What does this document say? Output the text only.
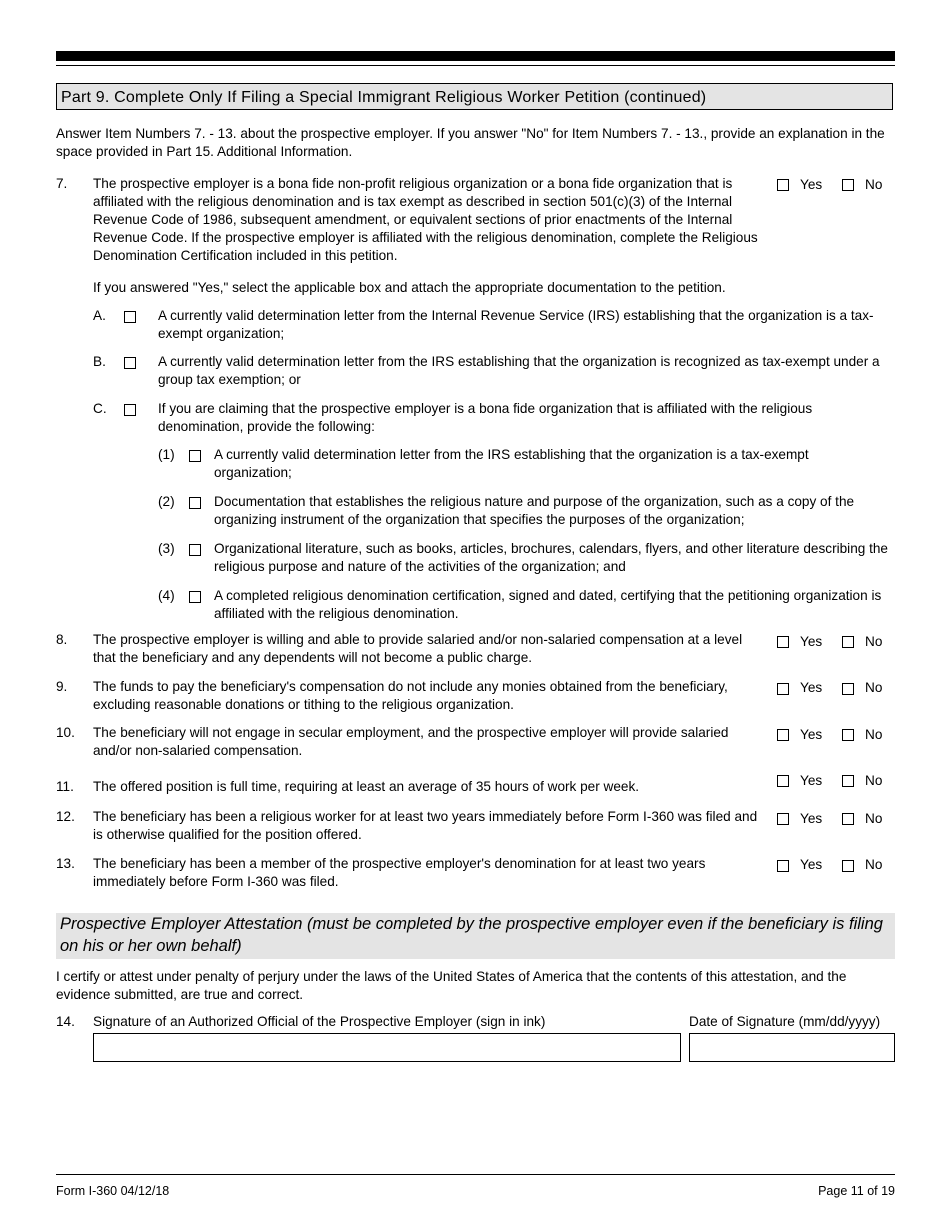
Part 9. Complete Only If Filing a Special Immigrant Religious Worker Petition (continued)
Answer Item Numbers 7. - 13. about the prospective employer. If you answer "No" for Item Numbers 7. - 13., provide an explanation in the space provided in Part 15. Additional Information.
7. The prospective employer is a bona fide non-profit religious organization or a bona fide organization that is affiliated with the religious denomination and is tax exempt as described in section 501(c)(3) of the Internal Revenue Code of 1986, subsequent amendment, or equivalent sections of prior enactments of the Internal Revenue Code. If the prospective employer is affiliated with the religious denomination, complete the Religious Denomination Certification included in this petition.
Yes	No
If you answered "Yes," select the applicable box and attach the appropriate documentation to the petition.
A.	A currently valid determination letter from the Internal Revenue Service (IRS) establishing that the organization is a tax-exempt organization;
B.	A currently valid determination letter from the IRS establishing that the organization is recognized as tax-exempt under a group tax exemption; or
C.	If you are claiming that the prospective employer is a bona fide organization that is affiliated with the religious denomination, provide the following:
(1)	A currently valid determination letter from the IRS establishing that the organization is a tax-exempt organization;
(2)	Documentation that establishes the religious nature and purpose of the organization, such as a copy of the organizing instrument of the organization that specifies the purposes of the organization;
(3)	Organizational literature, such as books, articles, brochures, calendars, flyers, and other literature describing the religious purpose and nature of the activities of the organization; and
(4)	A completed religious denomination certification, signed and dated, certifying that the petitioning organization is affiliated with the religious denomination.
8. The prospective employer is willing and able to provide salaried and/or non-salaried compensation at a level that the beneficiary and any dependents will not become a public charge.
Yes	No
9. The funds to pay the beneficiary's compensation do not include any monies obtained from the beneficiary, excluding reasonable donations or tithing to the religious organization.
Yes	No
10. The beneficiary will not engage in secular employment, and the prospective employer will provide salaried and/or non-salaried compensation.
Yes	No
11. The offered position is full time, requiring at least an average of 35 hours of work per week.	Yes	No
12. The beneficiary has been a religious worker for at least two years immediately before Form I-360 was filed and is otherwise qualified for the position offered.
Yes	No
13. The beneficiary has been a member of the prospective employer's denomination for at least two years immediately before Form I-360 was filed.
Yes	No
Prospective Employer Attestation (must be completed by the prospective employer even if the beneficiary is filing on his or her own behalf)
I certify or attest under penalty of perjury under the laws of the United States of America that the contents of this attestation, and the evidence submitted, are true and correct.
14. Signature of an Authorized Official of the Prospective Employer (sign in ink)	Date of Signature (mm/dd/yyyy)
Form I-360 04/12/18	Page 11 of 19
